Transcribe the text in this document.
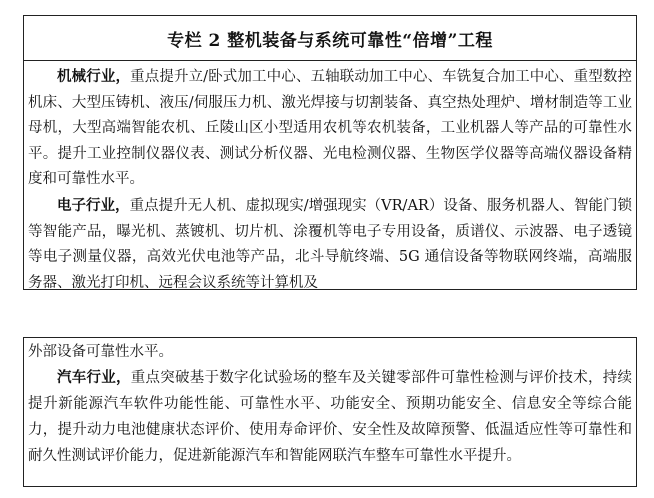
专栏 2 整机装备与系统可靠性“倍增”工程

机械行业，重点提升立/卧式加工中心、五轴联动加工中心、车铣复合加工中心、重型数控机床、大型压铸机、液压/伺服压力机、激光焊接与切割装备、真空热处理炉、增材制造等工业母机，大型高端智能农机、丘陵山区小型适用农机等农机装备，工业机器人等产品的可靠性水平。提升工业控制仪器仪表、测试分析仪器、光电检测仪器、生物医学仪器等高端仪器设备精度和可靠性水平。

电子行业，重点提升无人机、虚拟现实/增强现实（VR/AR）设备、服务机器人、智能门锁等智能产品，曝光机、蒸镀机、切片机、涂覆机等电子专用设备，质谱仪、示波器、电子透镜等电子测量仪器，高效光伏电池等产品，北斗导航终端、5G 通信设备等物联网终端，高端服务器、激光打印机、远程会议系统等计算机及

外部设备可靠性水平。

汽车行业，重点突破基于数字化试验场的整车及关键零部件可靠性检测与评价技术，持续提升新能源汽车软件功能性能、可靠性水平、功能安全、预期功能安全、信息安全等综合能力，提升动力电池健康状态评价、使用寿命评价、安全性及故障预警、低温适应性等可靠性和耐久性测试评价能力，促进新能源汽车和智能网联汽车整车可靠性水平提升。
